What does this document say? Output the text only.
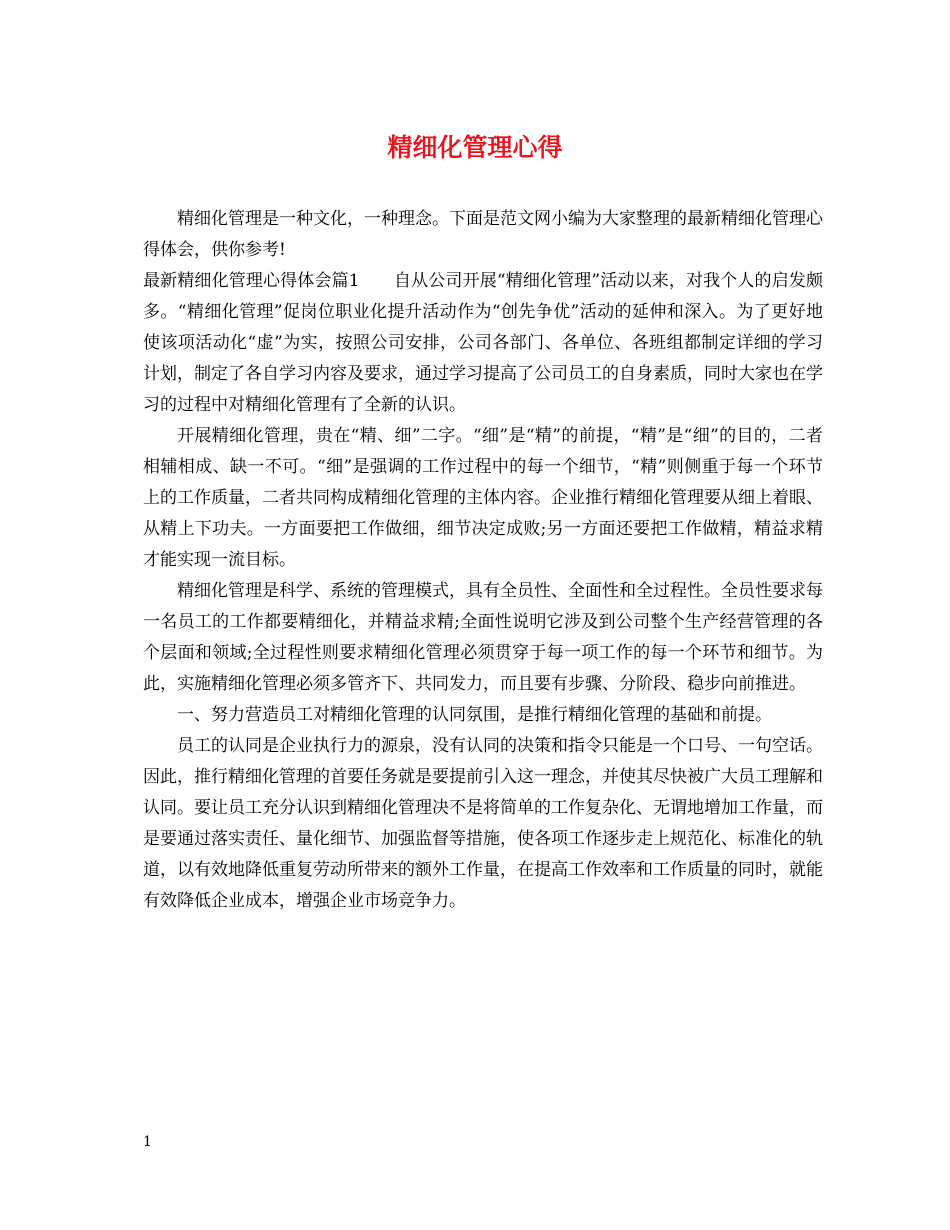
精细化管理心得

精细化管理是一种文化，一种理念。下面是范文网小编为大家整理的最新精细化管理心得体会，供你参考!

最新精细化管理心得体会篇1　　自从公司开展“精细化管理”活动以来，对我个人的启发颇多。“精细化管理”促岗位职业化提升活动作为“创先争优”活动的延伸和深入。为了更好地使该项活动化“虚”为实，按照公司安排，公司各部门、各单位、各班组都制定详细的学习计划，制定了各自学习内容及要求，通过学习提高了公司员工的自身素质，同时大家也在学习的过程中对精细化管理有了全新的认识。

开展精细化管理，贵在“精、细”二字。“细”是“精”的前提，“精”是“细”的目的，二者相辅相成、缺一不可。“细”是强调的工作过程中的每一个细节，“精”则侧重于每一个环节上的工作质量，二者共同构成精细化管理的主体内容。企业推行精细化管理要从细上着眼、从精上下功夫。一方面要把工作做细，细节决定成败;另一方面还要把工作做精，精益求精才能实现一流目标。

精细化管理是科学、系统的管理模式，具有全员性、全面性和全过程性。全员性要求每一名员工的工作都要精细化，并精益求精;全面性说明它涉及到公司整个生产经营管理的各个层面和领域;全过程性则要求精细化管理必须贯穿于每一项工作的每一个环节和细节。为此，实施精细化管理必须多管齐下、共同发力，而且要有步骤、分阶段、稳步向前推进。

一、努力营造员工对精细化管理的认同氛围，是推行精细化管理的基础和前提。

员工的认同是企业执行力的源泉，没有认同的决策和指令只能是一个口号、一句空话。因此，推行精细化管理的首要任务就是要提前引入这一理念，并使其尽快被广大员工理解和认同。要让员工充分认识到精细化管理决不是将简单的工作复杂化、无谓地增加工作量，而是要通过落实责任、量化细节、加强监督等措施，使各项工作逐步走上规范化、标准化的轨道，以有效地降低重复劳动所带来的额外工作量，在提高工作效率和工作质量的同时，就能有效降低企业成本，增强企业市场竞争力。

1
